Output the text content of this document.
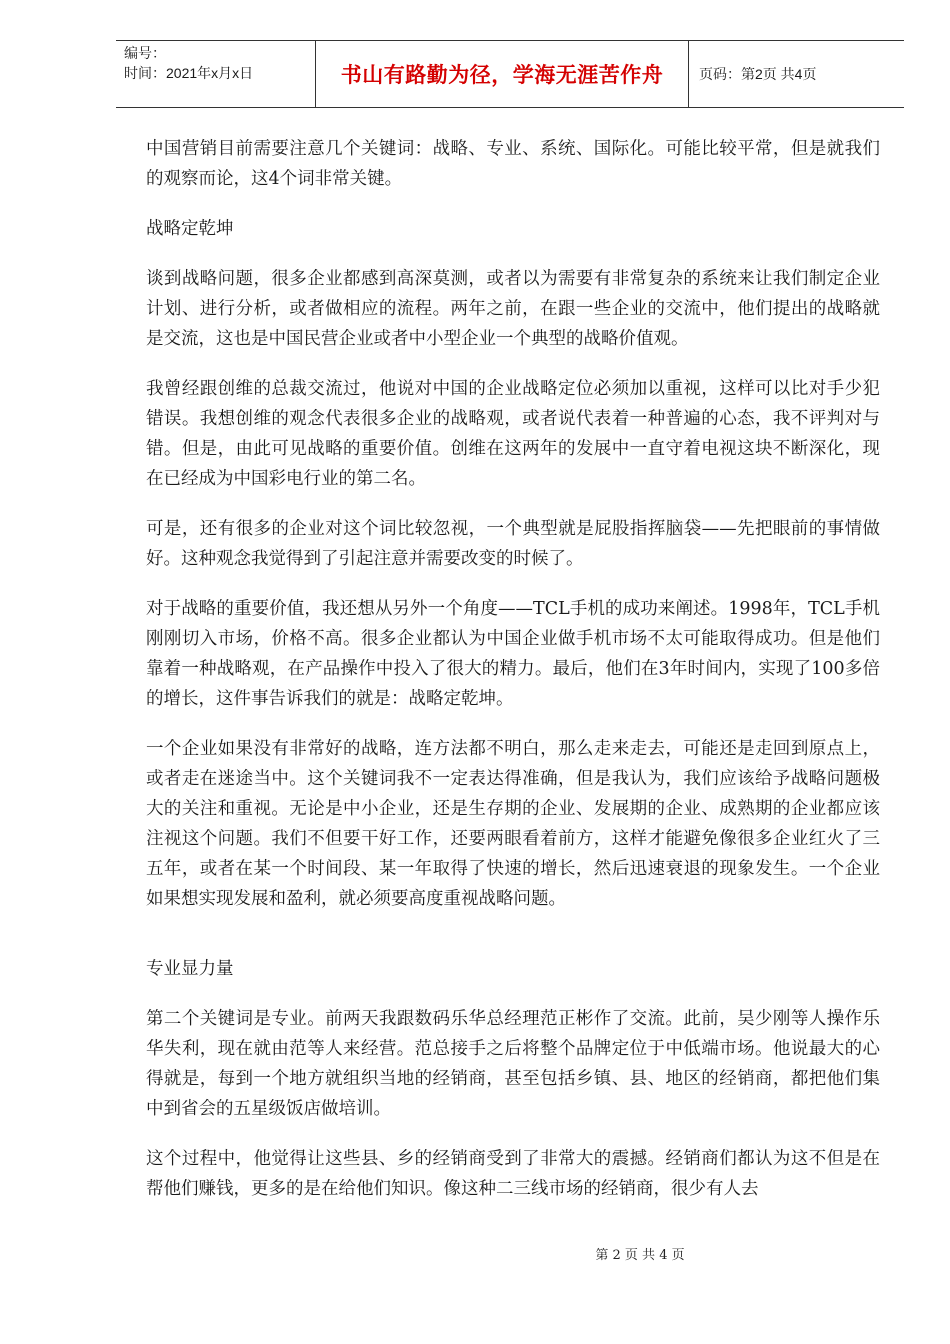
编号：
时间：2021年x月x日	书山有路勤为径，学海无涯苦作舟	页码：第2页 共4页

中国营销目前需要注意几个关键词：战略、专业、系统、国际化。可能比较平常，但是就我们的观察而论，这4个词非常关键。

战略定乾坤

谈到战略问题，很多企业都感到高深莫测，或者以为需要有非常复杂的系统来让我们制定企业计划、进行分析，或者做相应的流程。两年之前，在跟一些企业的交流中，他们提出的战略就是交流，这也是中国民营企业或者中小型企业一个典型的战略价值观。

我曾经跟创维的总裁交流过，他说对中国的企业战略定位必须加以重视，这样可以比对手少犯错误。我想创维的观念代表很多企业的战略观，或者说代表着一种普遍的心态，我不评判对与错。但是，由此可见战略的重要价值。创维在这两年的发展中一直守着电视这块不断深化，现在已经成为中国彩电行业的第二名。

可是，还有很多的企业对这个词比较忽视，一个典型就是屁股指挥脑袋——先把眼前的事情做好。这种观念我觉得到了引起注意并需要改变的时候了。

对于战略的重要价值，我还想从另外一个角度——TCL手机的成功来阐述。1998年，TCL手机刚刚切入市场，价格不高。很多企业都认为中国企业做手机市场不太可能取得成功。但是他们靠着一种战略观，在产品操作中投入了很大的精力。最后，他们在3年时间内，实现了100多倍的增长，这件事告诉我们的就是：战略定乾坤。

一个企业如果没有非常好的战略，连方法都不明白，那么走来走去，可能还是走回到原点上，或者走在迷途当中。这个关键词我不一定表达得准确，但是我认为，我们应该给予战略问题极大的关注和重视。无论是中小企业，还是生存期的企业、发展期的企业、成熟期的企业都应该注视这个问题。我们不但要干好工作，还要两眼看着前方，这样才能避免像很多企业红火了三五年，或者在某一个时间段、某一年取得了快速的增长，然后迅速衰退的现象发生。一个企业如果想实现发展和盈利，就必须要高度重视战略问题。

专业显力量

第二个关键词是专业。前两天我跟数码乐华总经理范正彬作了交流。此前，吴少刚等人操作乐华失利，现在就由范等人来经营。范总接手之后将整个品牌定位于中低端市场。他说最大的心得就是，每到一个地方就组织当地的经销商，甚至包括乡镇、县、地区的经销商，都把他们集中到省会的五星级饭店做培训。

这个过程中，他觉得让这些县、乡的经销商受到了非常大的震撼。经销商们都认为这不但是在帮他们赚钱，更多的是在给他们知识。像这种二三线市场的经销商，很少有人去

第 2 页 共 4 页
